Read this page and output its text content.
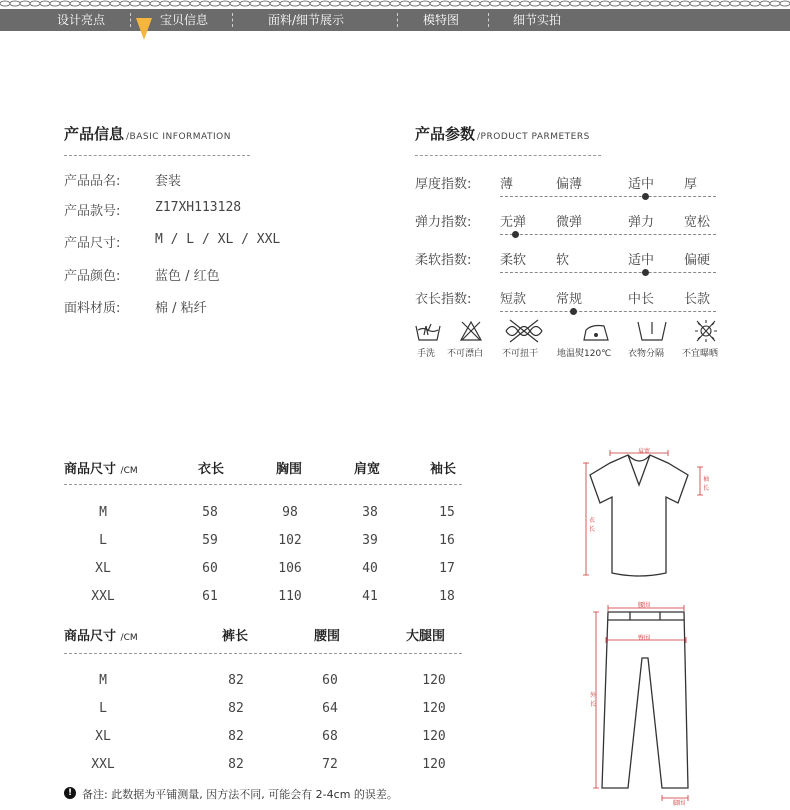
设计亮点	宝贝信息	面料/细节展示	模特图	细节实拍
产品信息 /BASIC INFORMATION
产品品名:	套装
产品款号:	Z17XH113128
产品尺寸:	M / L / XL / XXL
产品颜色:	蓝色 / 红色
面料材质:	棉 / 粘纤
产品参数 /PRODUCT PARMETERS
厚度指数: 薄	偏薄	适中 厚
弹力指数: 无弹 微弹	弹力 宽松
柔软指数: 柔软 软	适中 偏硬
衣长指数: 短款 常规	中长 长款
手洗 不可漂白 不可扭干 地温熨120℃ 衣物分隔 不宜曝晒
商品尺寸 /CM	衣长	胸围	肩宽	袖长
M	58	98	38	15
L	59	102	39	16
XL	60	106	40	17
XXL	61	110	41	18
商品尺寸 /CM	裤长	腰围	大腿围
M	82	60	120
L	82	64	120
XL	82	68	120
XXL	82	72	120
! 备注: 此数据为平铺测量, 因方法不同, 可能会有 2-4cm 的误差。
肩宽
袖长
衣长
腰围
臀围
外长
脚围
